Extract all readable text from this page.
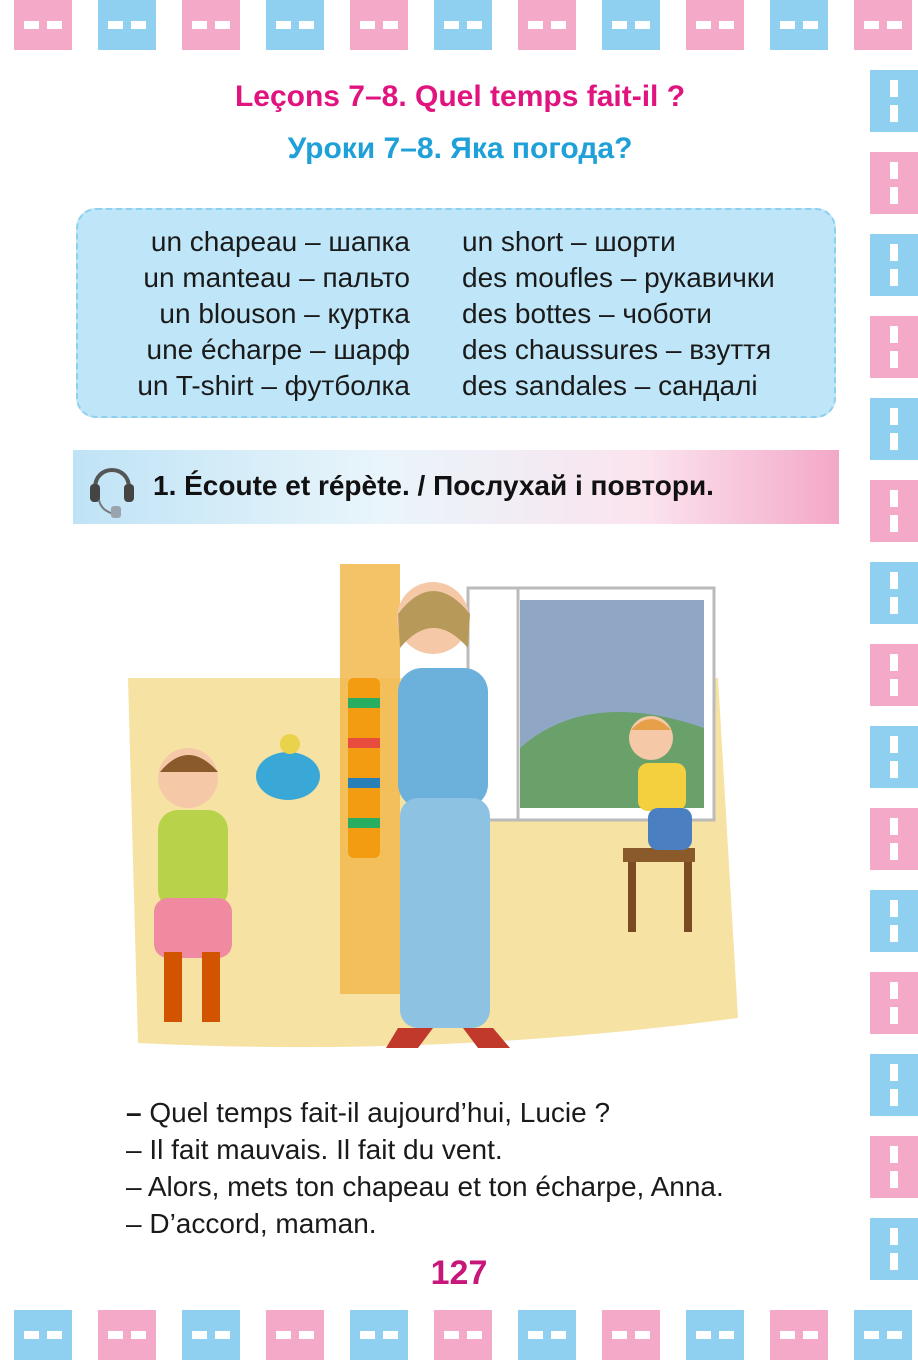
Leçons 7–8. Quel temps fait-il ?
Уроки 7–8. Яка погода?
un chapeau – шапка
un manteau – пальто
un blouson – куртка
une écharpe – шарф
un T-shirt – футболка
un short – шорти
des moufles – рукавички
des bottes – чоботи
des chaussures – взуття
des sandales – сандалі
1. Écoute et répète. / Послухай і повтори.
– Quel temps fait-il aujourd’hui, Lucie ?
– Il fait mauvais. Il fait du vent.
– Alors, mets ton chapeau et ton écharpe, Anna.
– D’accord, maman.
127
